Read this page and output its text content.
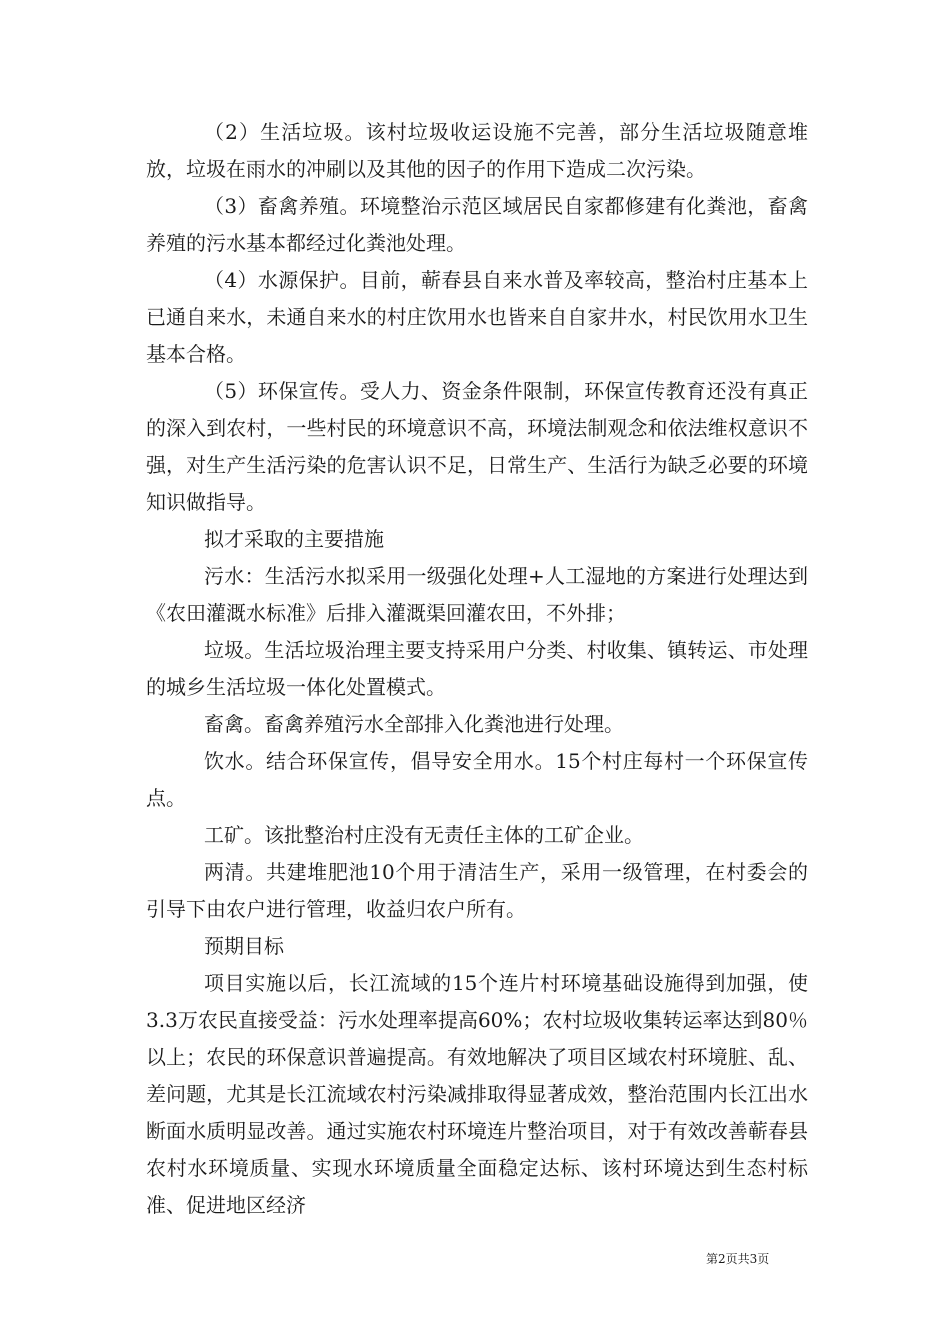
（2）生活垃圾。该村垃圾收运设施不完善，部分生活垃圾随意堆放，垃圾在雨水的冲刷以及其他的因子的作用下造成二次污染。

（3）畜禽养殖。环境整治示范区域居民自家都修建有化粪池，畜禽养殖的污水基本都经过化粪池处理。

（4）水源保护。目前，蕲春县自来水普及率较高，整治村庄基本上已通自来水，未通自来水的村庄饮用水也皆来自自家井水，村民饮用水卫生基本合格。

（5）环保宣传。受人力、资金条件限制，环保宣传教育还没有真正的深入到农村，一些村民的环境意识不高，环境法制观念和依法维权意识不强，对生产生活污染的危害认识不足，日常生产、生活行为缺乏必要的环境知识做指导。

拟才采取的主要措施

污水：生活污水拟采用一级强化处理+人工湿地的方案进行处理达到《农田灌溉水标准》后排入灌溉渠回灌农田，不外排；

垃圾。生活垃圾治理主要支持采用户分类、村收集、镇转运、市处理的城乡生活垃圾一体化处置模式。

畜禽。畜禽养殖污水全部排入化粪池进行处理。

饮水。结合环保宣传，倡导安全用水。15个村庄每村一个环保宣传点。

工矿。该批整治村庄没有无责任主体的工矿企业。

两清。共建堆肥池10个用于清洁生产，采用一级管理，在村委会的引导下由农户进行管理，收益归农户所有。

预期目标

项目实施以后，长江流域的15个连片村环境基础设施得到加强，使3.3万农民直接受益：污水处理率提高60%；农村垃圾收集转运率达到80％以上；农民的环保意识普遍提高。有效地解决了项目区域农村环境脏、乱、差问题，尤其是长江流域农村污染减排取得显著成效，整治范围内长江出水断面水质明显改善。通过实施农村环境连片整治项目，对于有效改善蕲春县农村水环境质量、实现水环境质量全面稳定达标、该村环境达到生态村标准、促进地区经济

第2页共3页
